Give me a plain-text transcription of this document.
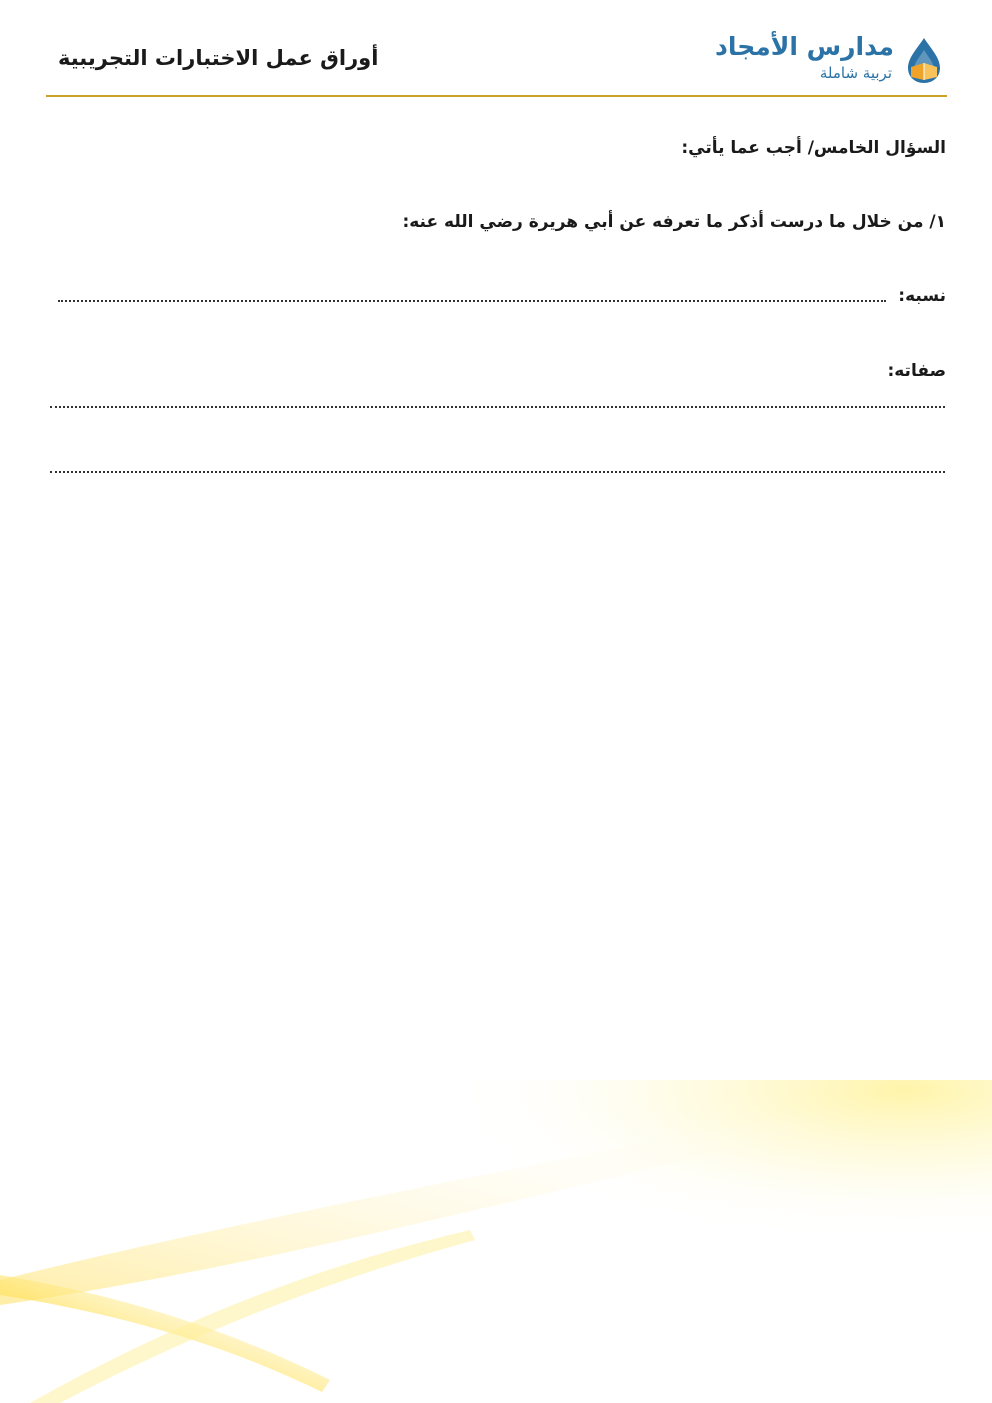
أوراق عمل الاختبارات التجريبية	مدارس الأمجاد
تربية شاملة
السؤال الخامس/ أجب عما يأتي:
١/ من خلال ما درست أذكر ما تعرفه عن أبي هريرة رضي الله عنه:
نسبه:
صفاته:
